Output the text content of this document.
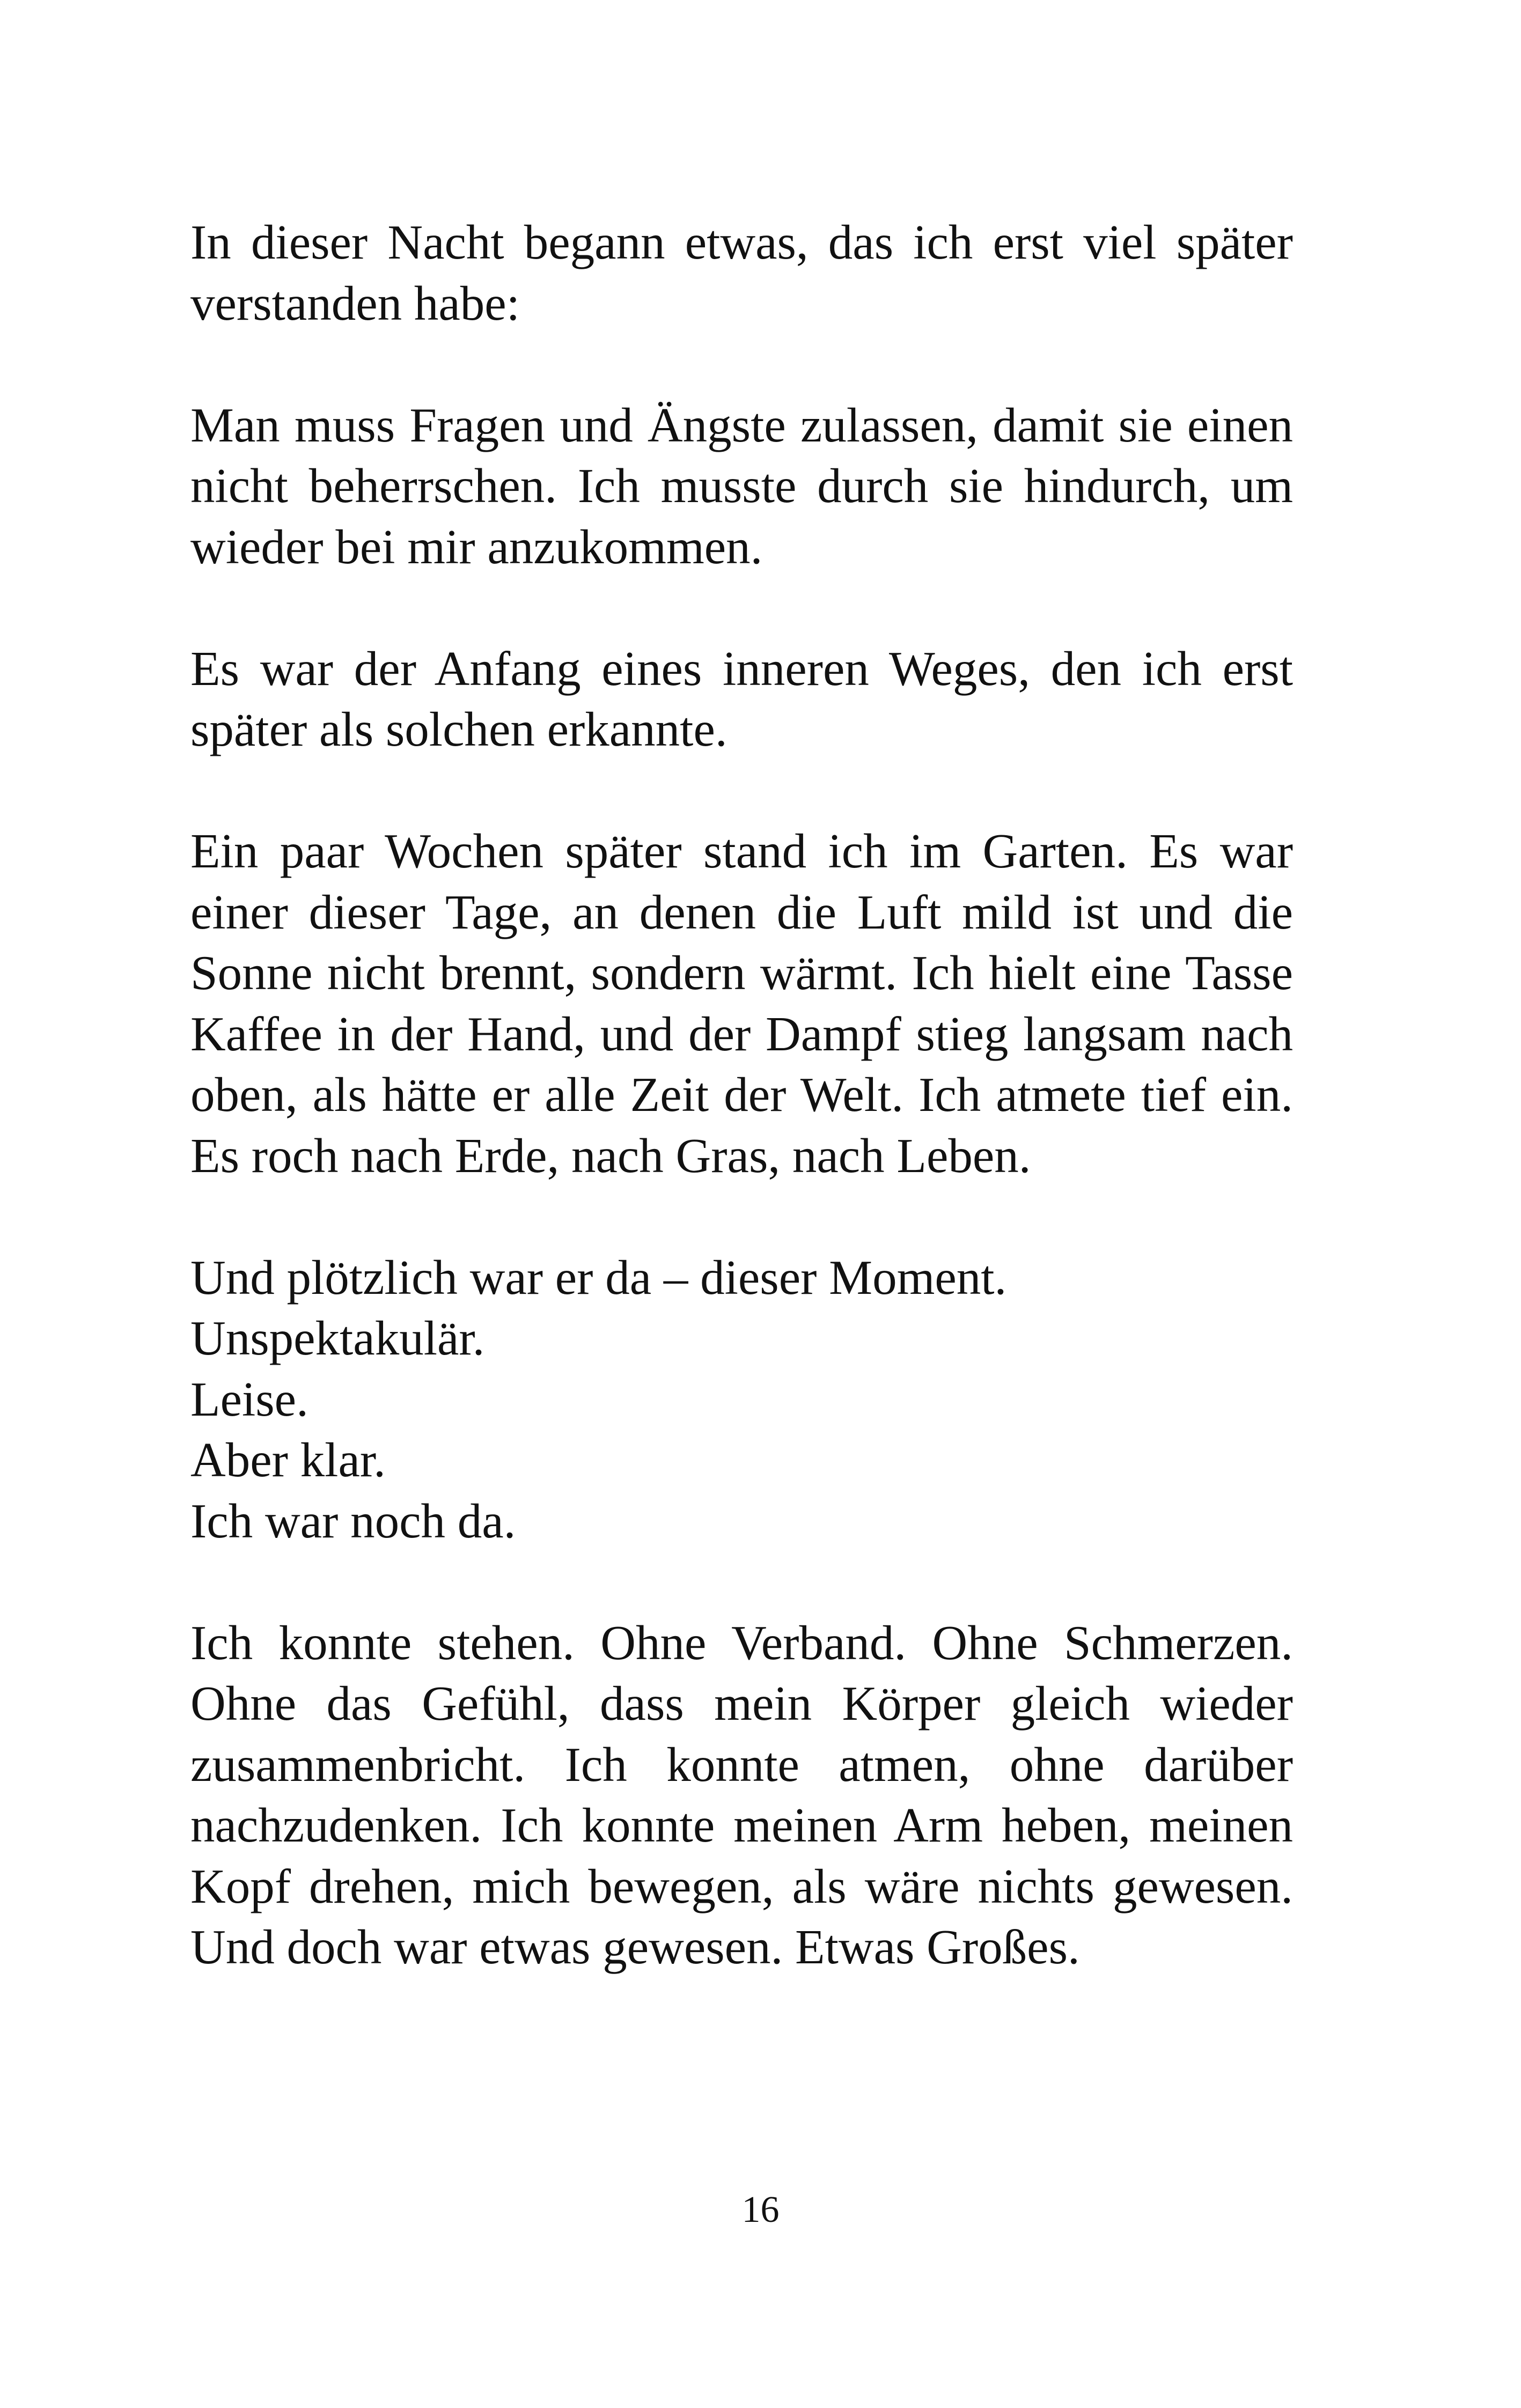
In dieser Nacht begann etwas, das ich erst viel später verstanden habe:

Man muss Fragen und Ängste zulassen, damit sie einen nicht beherrschen. Ich musste durch sie hindurch, um wieder bei mir anzukommen.

Es war der Anfang eines inneren Weges, den ich erst später als solchen erkannte.

Ein paar Wochen später stand ich im Garten. Es war einer dieser Tage, an denen die Luft mild ist und die Sonne nicht brennt, sondern wärmt. Ich hielt eine Tasse Kaffee in der Hand, und der Dampf stieg langsam nach oben, als hätte er alle Zeit der Welt. Ich atmete tief ein. Es roch nach Erde, nach Gras, nach Leben.

Und plötzlich war er da – dieser Moment.
Unspektakulär.
Leise.
Aber klar.
Ich war noch da.

Ich konnte stehen. Ohne Verband. Ohne Schmerzen. Ohne das Gefühl, dass mein Körper gleich wieder zusammenbricht. Ich konnte atmen, ohne darüber nachzudenken. Ich konnte meinen Arm heben, meinen Kopf drehen, mich bewegen, als wäre nichts gewesen. Und doch war etwas gewesen. Etwas Großes.

16
